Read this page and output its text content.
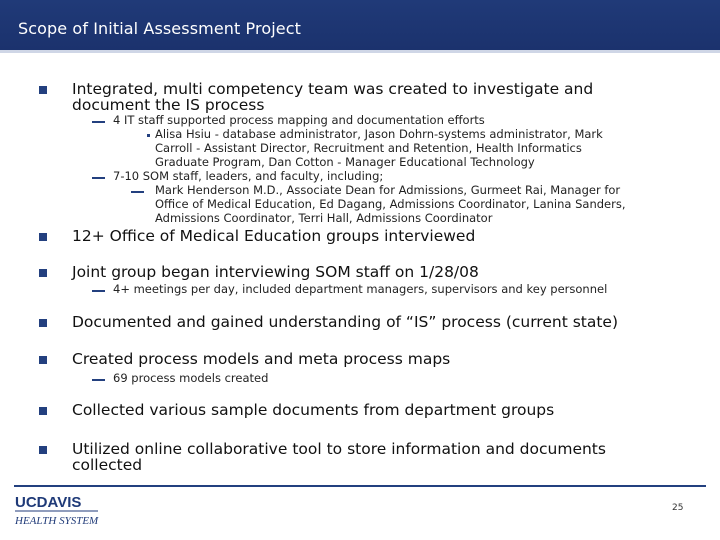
Scope of Initial Assessment Project
Integrated, multi competency team was created to investigate and
document the IS process
4 IT staff supported process mapping and documentation efforts
Alisa Hsiu - database administrator, Jason Dohrn-systems administrator, Mark
Carroll - Assistant Director, Recruitment and Retention, Health Informatics
Graduate Program, Dan Cotton - Manager Educational Technology
7-10 SOM staff, leaders, and faculty, including;
Mark Henderson M.D., Associate Dean for Admissions, Gurmeet Rai, Manager for
Office of Medical Education, Ed Dagang, Admissions Coordinator, Lanina Sanders,
Admissions Coordinator, Terri Hall, Admissions Coordinator
12+ Office of Medical Education groups interviewed
Joint group began interviewing SOM staff on 1/28/08
4+ meetings per day, included department managers, supervisors and key personnel
Documented and gained understanding of “IS” process (current state)
Created process models and meta process maps
69 process models created
Collected various sample documents from department groups
Utilized online collaborative tool to store information and documents
collected
UCDAVIS
HEALTH SYSTEM
25
